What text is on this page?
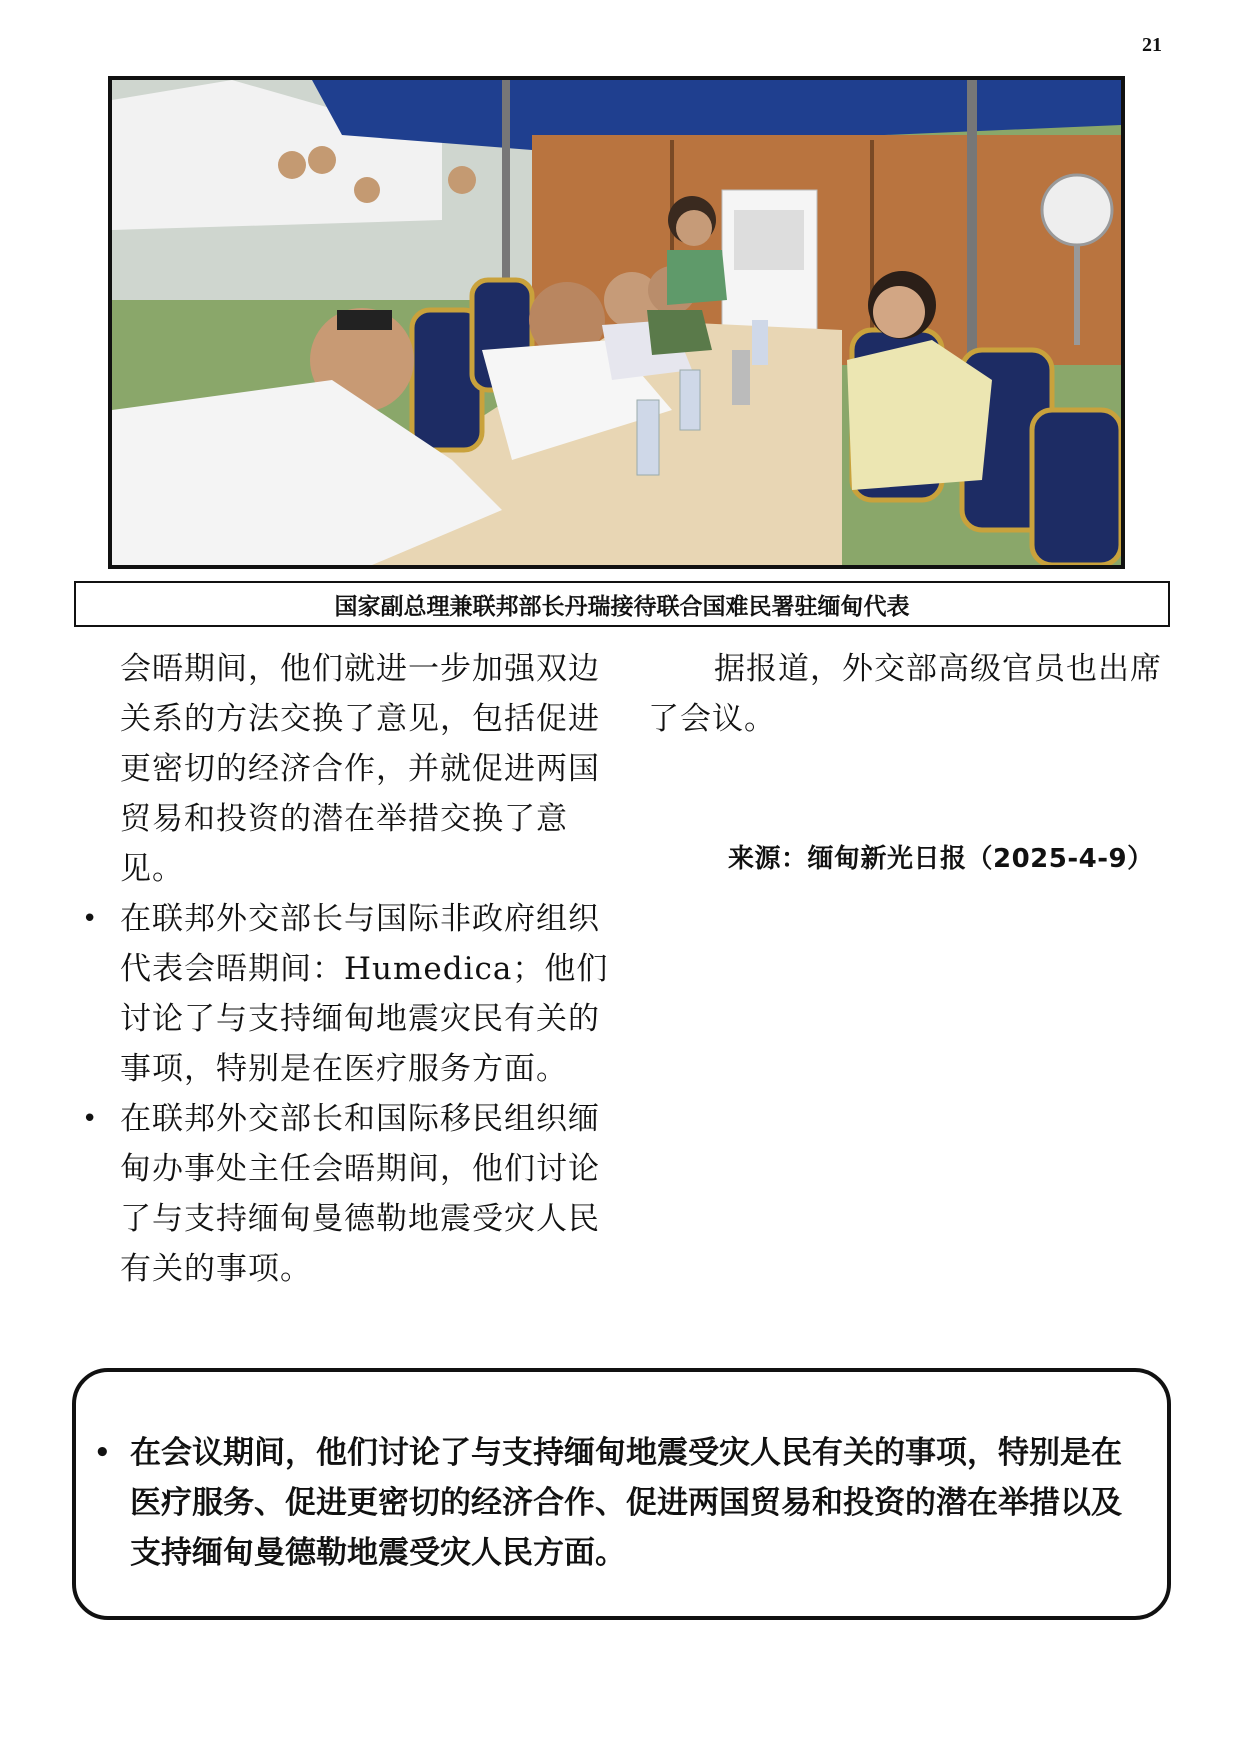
21
国家副总理兼联邦部长丹瑞接待联合国难民署驻缅甸代表

会晤期间，他们就进一步加强双边关系的方法交换了意见，包括促进更密切的经济合作，并就促进两国贸易和投资的潜在举措交换了意见。

• 在联邦外交部长与国际非政府组织代表会晤期间：Humedica；他们讨论了与支持缅甸地震灾民有关的事项，特别是在医疗服务方面。

• 在联邦外交部长和国际移民组织缅甸办事处主任会晤期间，他们讨论了与支持缅甸曼德勒地震受灾人民有关的事项。

据报道，外交部高级官员也出席了会议。

来源：缅甸新光日报（2025-4-9）
• 在会议期间，他们讨论了与支持缅甸地震受灾人民有关的事项，特别是在医疗服务、促进更密切的经济合作、促进两国贸易和投资的潜在举措以及支持缅甸曼德勒地震受灾人民方面。
